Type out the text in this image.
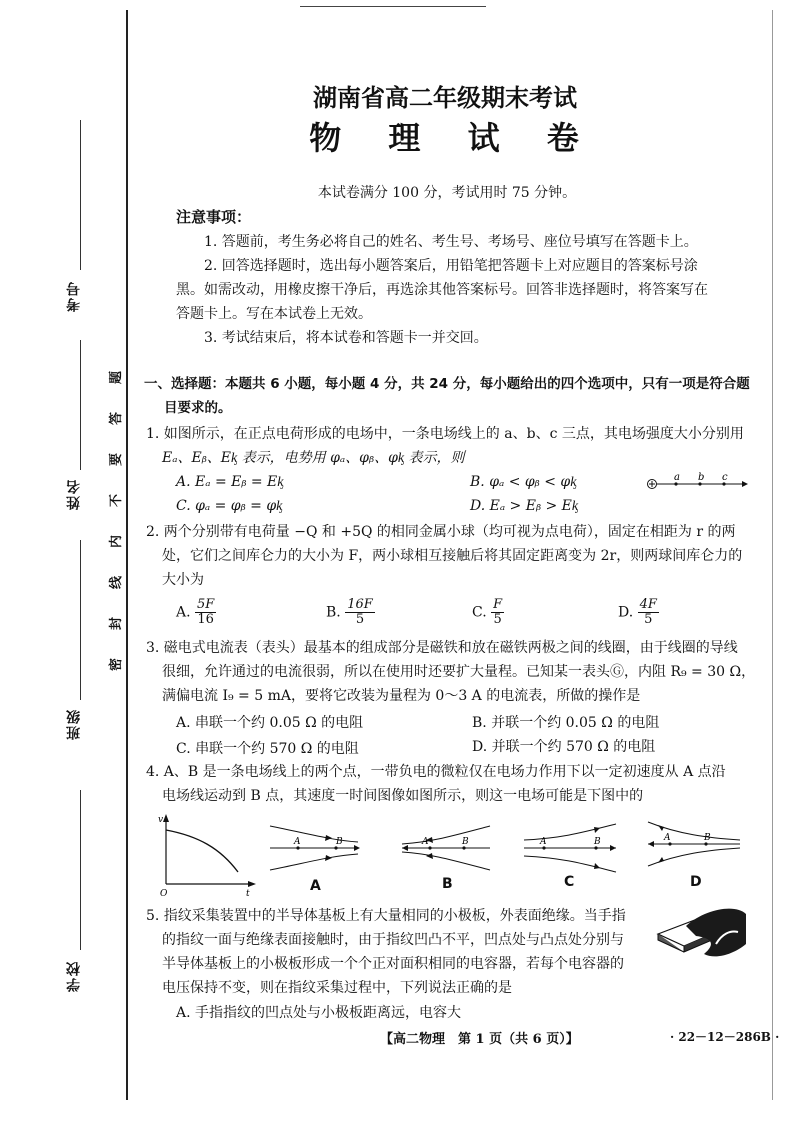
考号
姓名
班级
学校
题
答
要
不
内
线
封
密
湖南省高二年级期末考试
物 理 试 卷
本试卷满分 100 分，考试用时 75 分钟。
注意事项：
1. 答题前，考生务必将自己的姓名、考生号、考场号、座位号填写在答题卡上。
2. 回答选择题时，选出每小题答案后，用铅笔把答题卡上对应题目的答案标号涂
黑。如需改动，用橡皮擦干净后，再选涂其他答案标号。回答非选择题时，将答案写在
答题卡上。写在本试卷上无效。
3. 考试结束后，将本试卷和答题卡一并交回。
一、选择题：本题共 6 小题，每小题 4 分，共 24 分，每小题给出的四个选项中，只有一项是符合题
目要求的。
1. 如图所示，在正点电荷形成的电场中，一条电场线上的 a、b、c 三点，其电场强度大小分别用
Eₐ、Eᵦ、Eᶄ 表示，电势用 φₐ、φᵦ、φᶄ 表示，则
A. Eₐ = Eᵦ = Eᶄ	B. φₐ < φᵦ < φᶄ
C. φₐ = φᵦ = φᶄ	D. Eₐ > Eᵦ > Eᶄ
a b c
2. 两个分别带有电荷量 −Q 和 +5Q 的相同金属小球（均可视为点电荷），固定在相距为 r 的两
处，它们之间库仑力的大小为 F，两小球相互接触后将其固定距离变为 2r，则两球间库仑力的
大小为
A. $\frac{5F}{16}$	B. $\frac{16F}{5}$	C. $\frac{F}{5}$	D. $\frac{4F}{5}$
3. 磁电式电流表（表头）最基本的组成部分是磁铁和放在磁铁两极之间的线圈，由于线圈的导线
很细，允许通过的电流很弱，所以在使用时还要扩大量程。已知某一表头Ⓖ，内阻 R₉ = 30 Ω，
满偏电流 I₉ = 5 mA，要将它改装为量程为 0～3 A 的电流表，所做的操作是
A. 串联一个约 0.05 Ω 的电阻	B. 并联一个约 0.05 Ω 的电阻
C. 串联一个约 570 Ω 的电阻	D. 并联一个约 570 Ω 的电阻
4. A、B 是一条电场线上的两个点，一带负电的微粒仅在电场力作用下以一定初速度从 A 点沿
电场线运动到 B 点，其速度一时间图像如图所示，则这一电场可能是下图中的
v
t
O
A	B
A
A	B
B
A	B
C
A	B
D
5. 指纹采集装置中的半导体基板上有大量相同的小极板，外表面绝缘。当手指
的指纹一面与绝缘表面接触时，由于指纹凹凸不平，凹点处与凸点处分别与
半导体基板上的小极板形成一个个正对面积相同的电容器，若每个电容器的
电压保持不变，则在指纹采集过程中，下列说法正确的是
A. 手指指纹的凹点处与小极板距离远，电容大
【高二物理　第 1 页（共 6 页）】	· 22－12－286B ·
